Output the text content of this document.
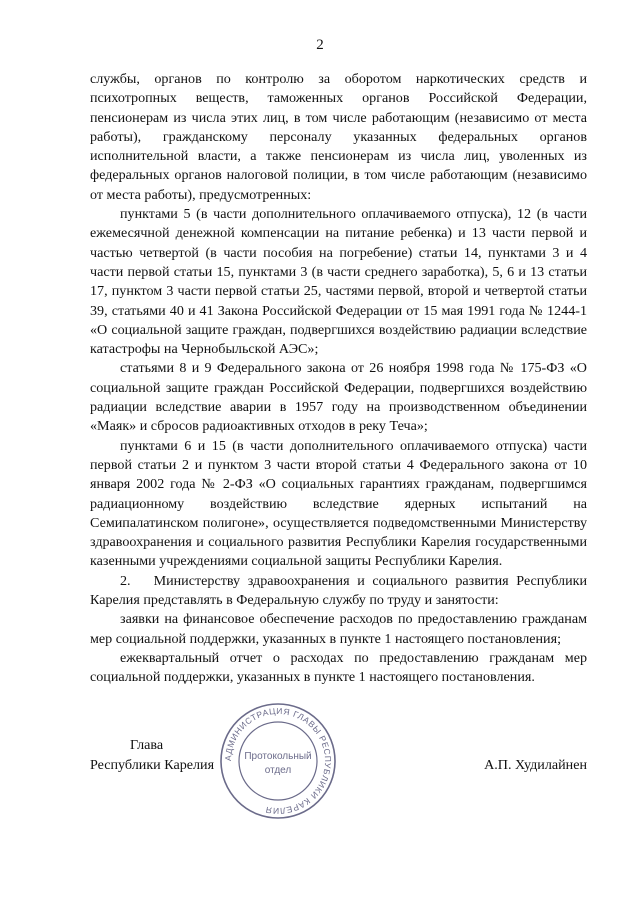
2

службы, органов по контролю за оборотом наркотических средств и психотропных веществ, таможенных органов Российской Федерации, пенсионерам из числа этих лиц, в том числе работающим (независимо от места работы), гражданскому персоналу указанных федеральных органов исполнительной власти, а также пенсионерам из числа лиц, уволенных из федеральных органов налоговой полиции, в том числе работающим (независимо от места работы), предусмотренных:

пунктами 5 (в части дополнительного оплачиваемого отпуска), 12 (в части ежемесячной денежной компенсации на питание ребенка) и 13 части первой и частью четвертой (в части пособия на погребение) статьи 14, пунктами 3 и 4 части первой статьи 15, пунктами 3 (в части среднего заработка), 5, 6 и 13 статьи 17, пунктом 3 части первой статьи 25, частями первой, второй и четвертой статьи 39, статьями 40 и 41 Закона Российской Федерации от 15 мая 1991 года № 1244-1 «О социальной защите граждан, подвергшихся воздействию радиации вследствие катастрофы на Чернобыльской АЭС»;

статьями 8 и 9 Федерального закона от 26 ноября 1998 года № 175-ФЗ «О социальной защите граждан Российской Федерации, подвергшихся воздействию радиации вследствие аварии в 1957 году на производственном объединении «Маяк» и сбросов радиоактивных отходов в реку Теча»;

пунктами 6 и 15 (в части дополнительного оплачиваемого отпуска) части первой статьи 2 и пунктом 3 части второй статьи 4 Федерального закона от 10 января 2002 года № 2-ФЗ «О социальных гарантиях гражданам, подвергшимся радиационному воздействию вследствие ядерных испытаний на Семипалатинском полигоне», осуществляется подведомственными Министерству здравоохранения и социального развития Республики Карелия государственными казенными учреждениями социальной защиты Республики Карелия.

2.   Министерству здравоохранения и социального развития Республики Карелия представлять в Федеральную службу по труду и занятости:

заявки на финансовое обеспечение расходов по предоставлению гражданам мер социальной поддержки, указанных в пункте 1 настоящего постановления;

ежеквартальный отчет о расходах по предоставлению гражданам мер социальной поддержки, указанных в пункте 1 настоящего постановления.

Глава
Республики Карелия	А.П. Худилайнен
АДМИНИСТРАЦИЯ ГЛАВЫ РЕСПУБЛИКИ КАРЕЛИЯ
Протокольный
отдел
